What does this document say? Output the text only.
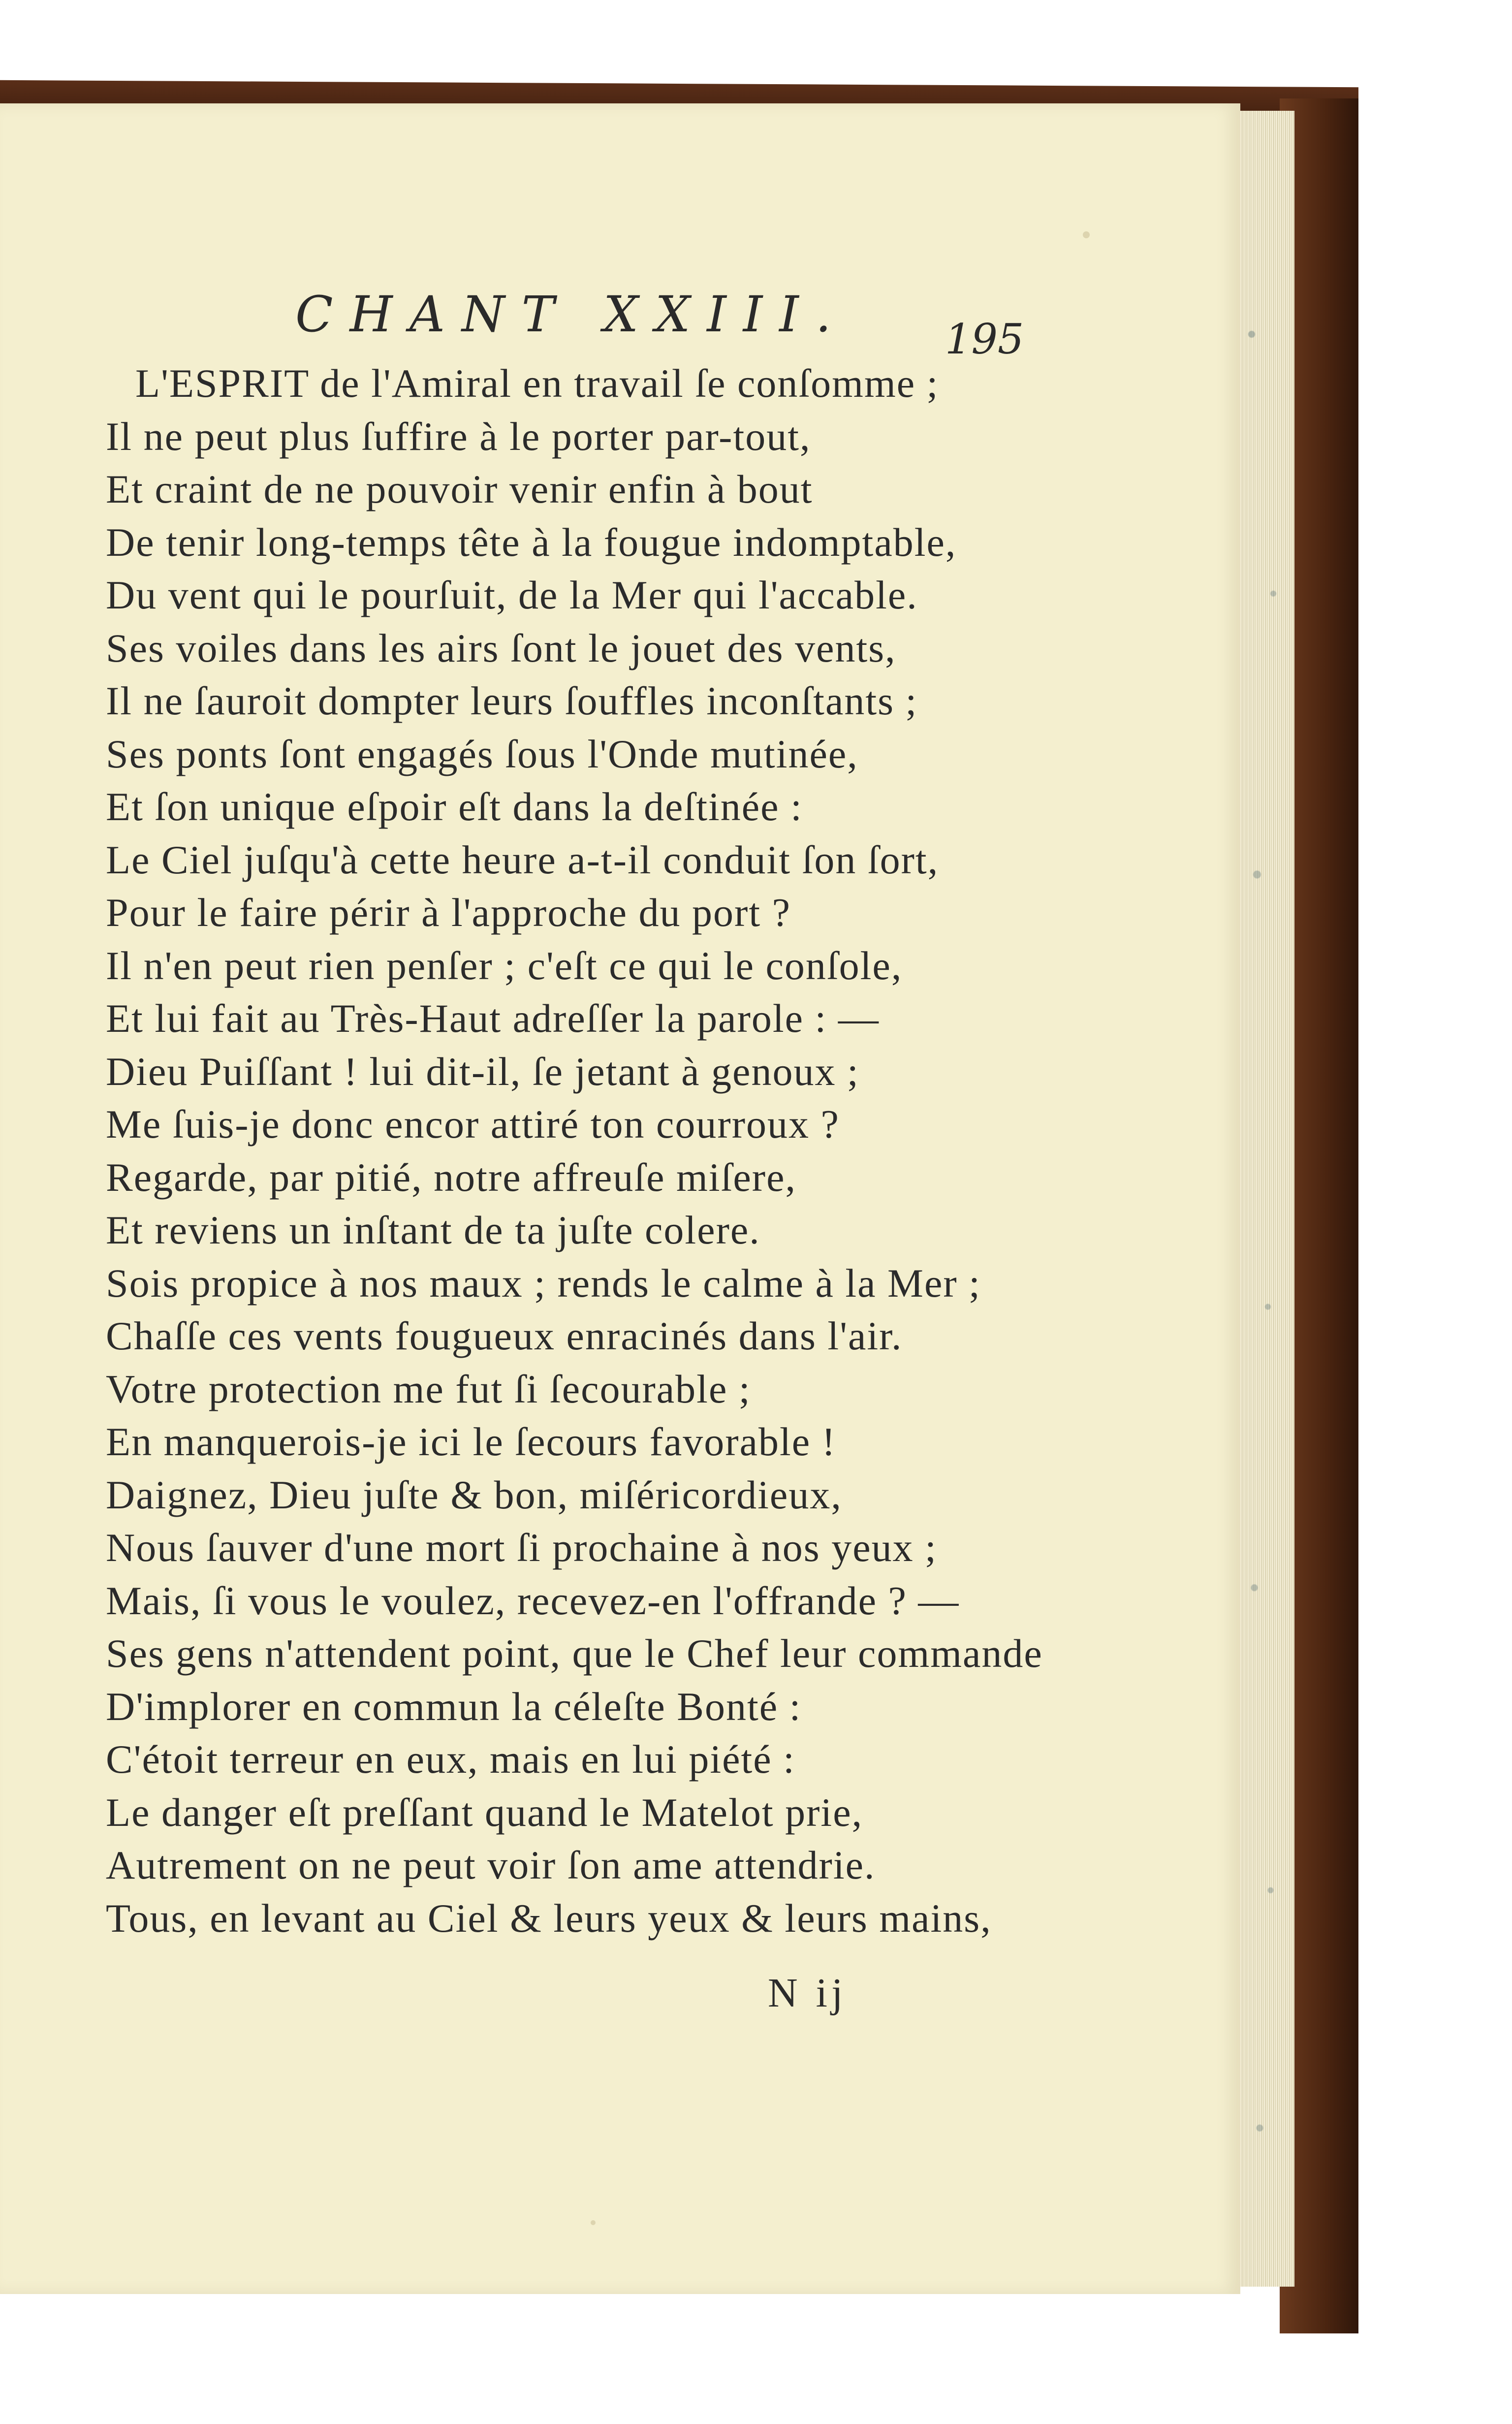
CHANT XXIII. 195
L'ESPRIT de l'Amiral en travail ſe conſomme ;
Il ne peut plus ſuffire à le porter par-tout,
Et craint de ne pouvoir venir enfin à bout
De tenir long-temps tête à la fougue indomptable,
Du vent qui le pourſuit, de la Mer qui l'accable.
Ses voiles dans les airs ſont le jouet des vents,
Il ne ſauroit dompter leurs ſouffles inconſtants ;
Ses ponts ſont engagés ſous l'Onde mutinée,
Et ſon unique eſpoir eſt dans la deſtinée :
Le Ciel juſqu'à cette heure a-t-il conduit ſon ſort,
Pour le faire périr à l'approche du port ?
Il n'en peut rien penſer ; c'eſt ce qui le conſole,
Et lui fait au Très-Haut adreſſer la parole : —
Dieu Puiſſant ! lui dit-il, ſe jetant à genoux ;
Me ſuis-je donc encor attiré ton courroux ?
Regarde, par pitié, notre affreuſe miſere,
Et reviens un inſtant de ta juſte colere.
Sois propice à nos maux ; rends le calme à la Mer ;
Chaſſe ces vents fougueux enracinés dans l'air.
Votre protection me fut ſi ſecourable ;
En manquerois-je ici le ſecours favorable !
Daignez, Dieu juſte & bon, miſéricordieux,
Nous ſauver d'une mort ſi prochaine à nos yeux ;
Mais, ſi vous le voulez, recevez-en l'offrande ? —
Ses gens n'attendent point, que le Chef leur commande
D'implorer en commun la céleſte Bonté :
C'étoit terreur en eux, mais en lui piété :
Le danger eſt preſſant quand le Matelot prie,
Autrement on ne peut voir ſon ame attendrie.
Tous, en levant au Ciel & leurs yeux & leurs mains,
N ij
